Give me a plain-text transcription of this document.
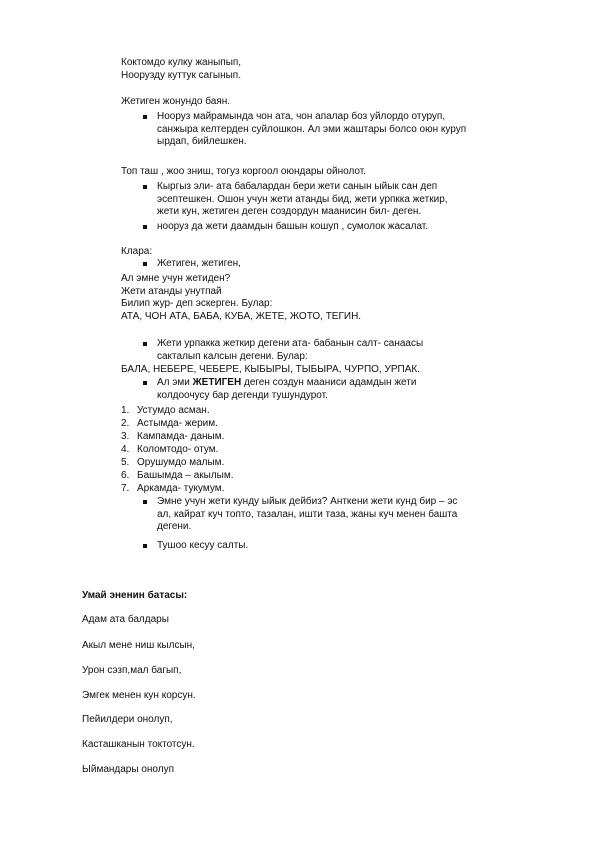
Коктомдо кулку жаныпып,
Ноорузду куттук сагынып.
Жетиген жонундо баян.
Нооруз майрамында чон ата, чон апалар боз уйлордо отуруп,
санжыра келтерден суйлошкон. Ал эми жаштары болсо оюн куруп
ырдап, бийлешкен.
Топ таш , жоо зниш, тогуз коргоол оюндары ойнолот.
Кыргыз эли- ата бабалардан бери жети санын ыйык сан деп
эсептешкен. Ошон учун жети атанды бид, жети урпкка жеткир,
жети кун, жетиген деген создордун маанисин бил- деген.
нооруз да жети даамдын башын кошуп , сумолок жасалат.
Клара:
Жетиген, жетиген,
Ал эмне учун жетиден?
Жети атанды унутпай
Билип жур- деп эскерген. Булар:
АТА, ЧОН АТА, БАБА, КУБА, ЖЕТЕ, ЖОТО, ТЕГИН.
Жети урпакка жеткир дегени ата- бабанын салт- санаасы
сакталып калсын дегени. Булар:
БАЛА, НЕБЕРЕ, ЧЕБЕРЕ, КЫБЫРЫ, ТЫБЫРА, ЧУРПО, УРПАК.
Ал эми ЖЕТИГЕН деген создун мааниси адамдын жети
колдоочусу бар дегенди тушундурот.
1. Устумдо асман.
2. Астымда- жерим.
3. Кампамда- даным.
4. Коломтодо- отум.
5. Орушумдо малым.
6. Башымда – акылым.
7. Аркамда- тукумум.
Эмне учун жети кунду ыйык дейбиз? Анткени жети кунд бир – эс
ал, кайрат куч топто, тазалан, ишти таза, жаны куч менен башта
дегени.
Тушоо кесуу салты.
Умай эненин батасы:
Адам ата балдары
Акыл мене ниш кылсын,
Урон сэзп,мал багып,
Эмгек менен кун корсун.
Пейилдери онолуп,
Касташканын токтотсун.
Ыймандары онолуп
